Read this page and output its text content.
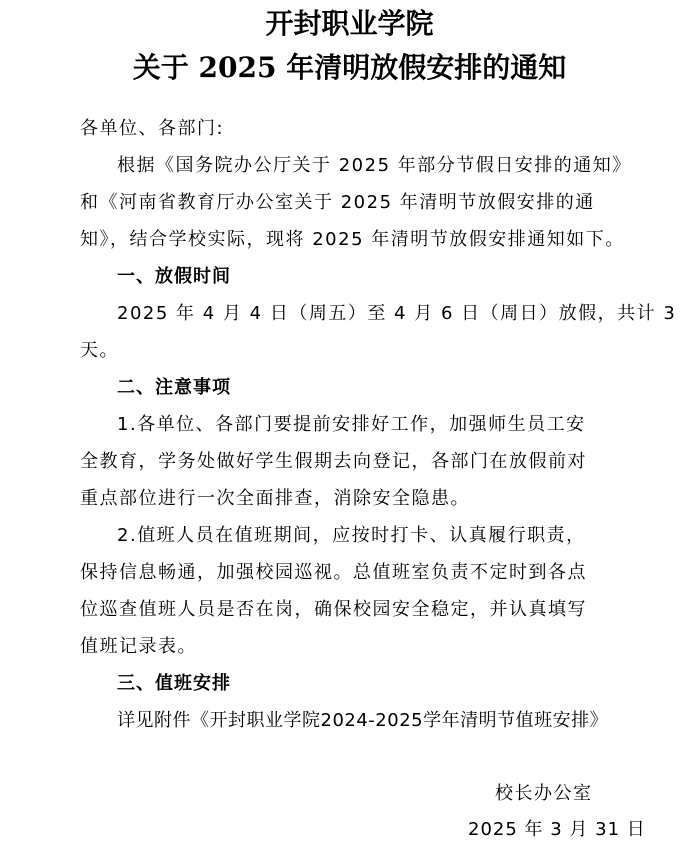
开封职业学院
关于 2025 年清明放假安排的通知
各单位、各部门:
根据《国务院办公厅关于 2025 年部分节假日安排的通知》
和《河南省教育厅办公室关于 2025 年清明节放假安排的通
知》，结合学校实际，现将 2025 年清明节放假安排通知如下。
一、放假时间
2025 年 4 月 4 日（周五）至 4 月 6 日（周日）放假，共计 3
天。
二、注意事项
1.各单位、各部门要提前安排好工作，加强师生员工安
全教育，学务处做好学生假期去向登记，各部门在放假前对
重点部位进行一次全面排查，消除安全隐患。
2.值班人员在值班期间，应按时打卡、认真履行职责，
保持信息畅通，加强校园巡视。总值班室负责不定时到各点
位巡查值班人员是否在岗，确保校园安全稳定，并认真填写
值班记录表。
三、值班安排
详见附件《开封职业学院2024-2025学年清明节值班安排》
校长办公室
2025 年 3 月 31 日
